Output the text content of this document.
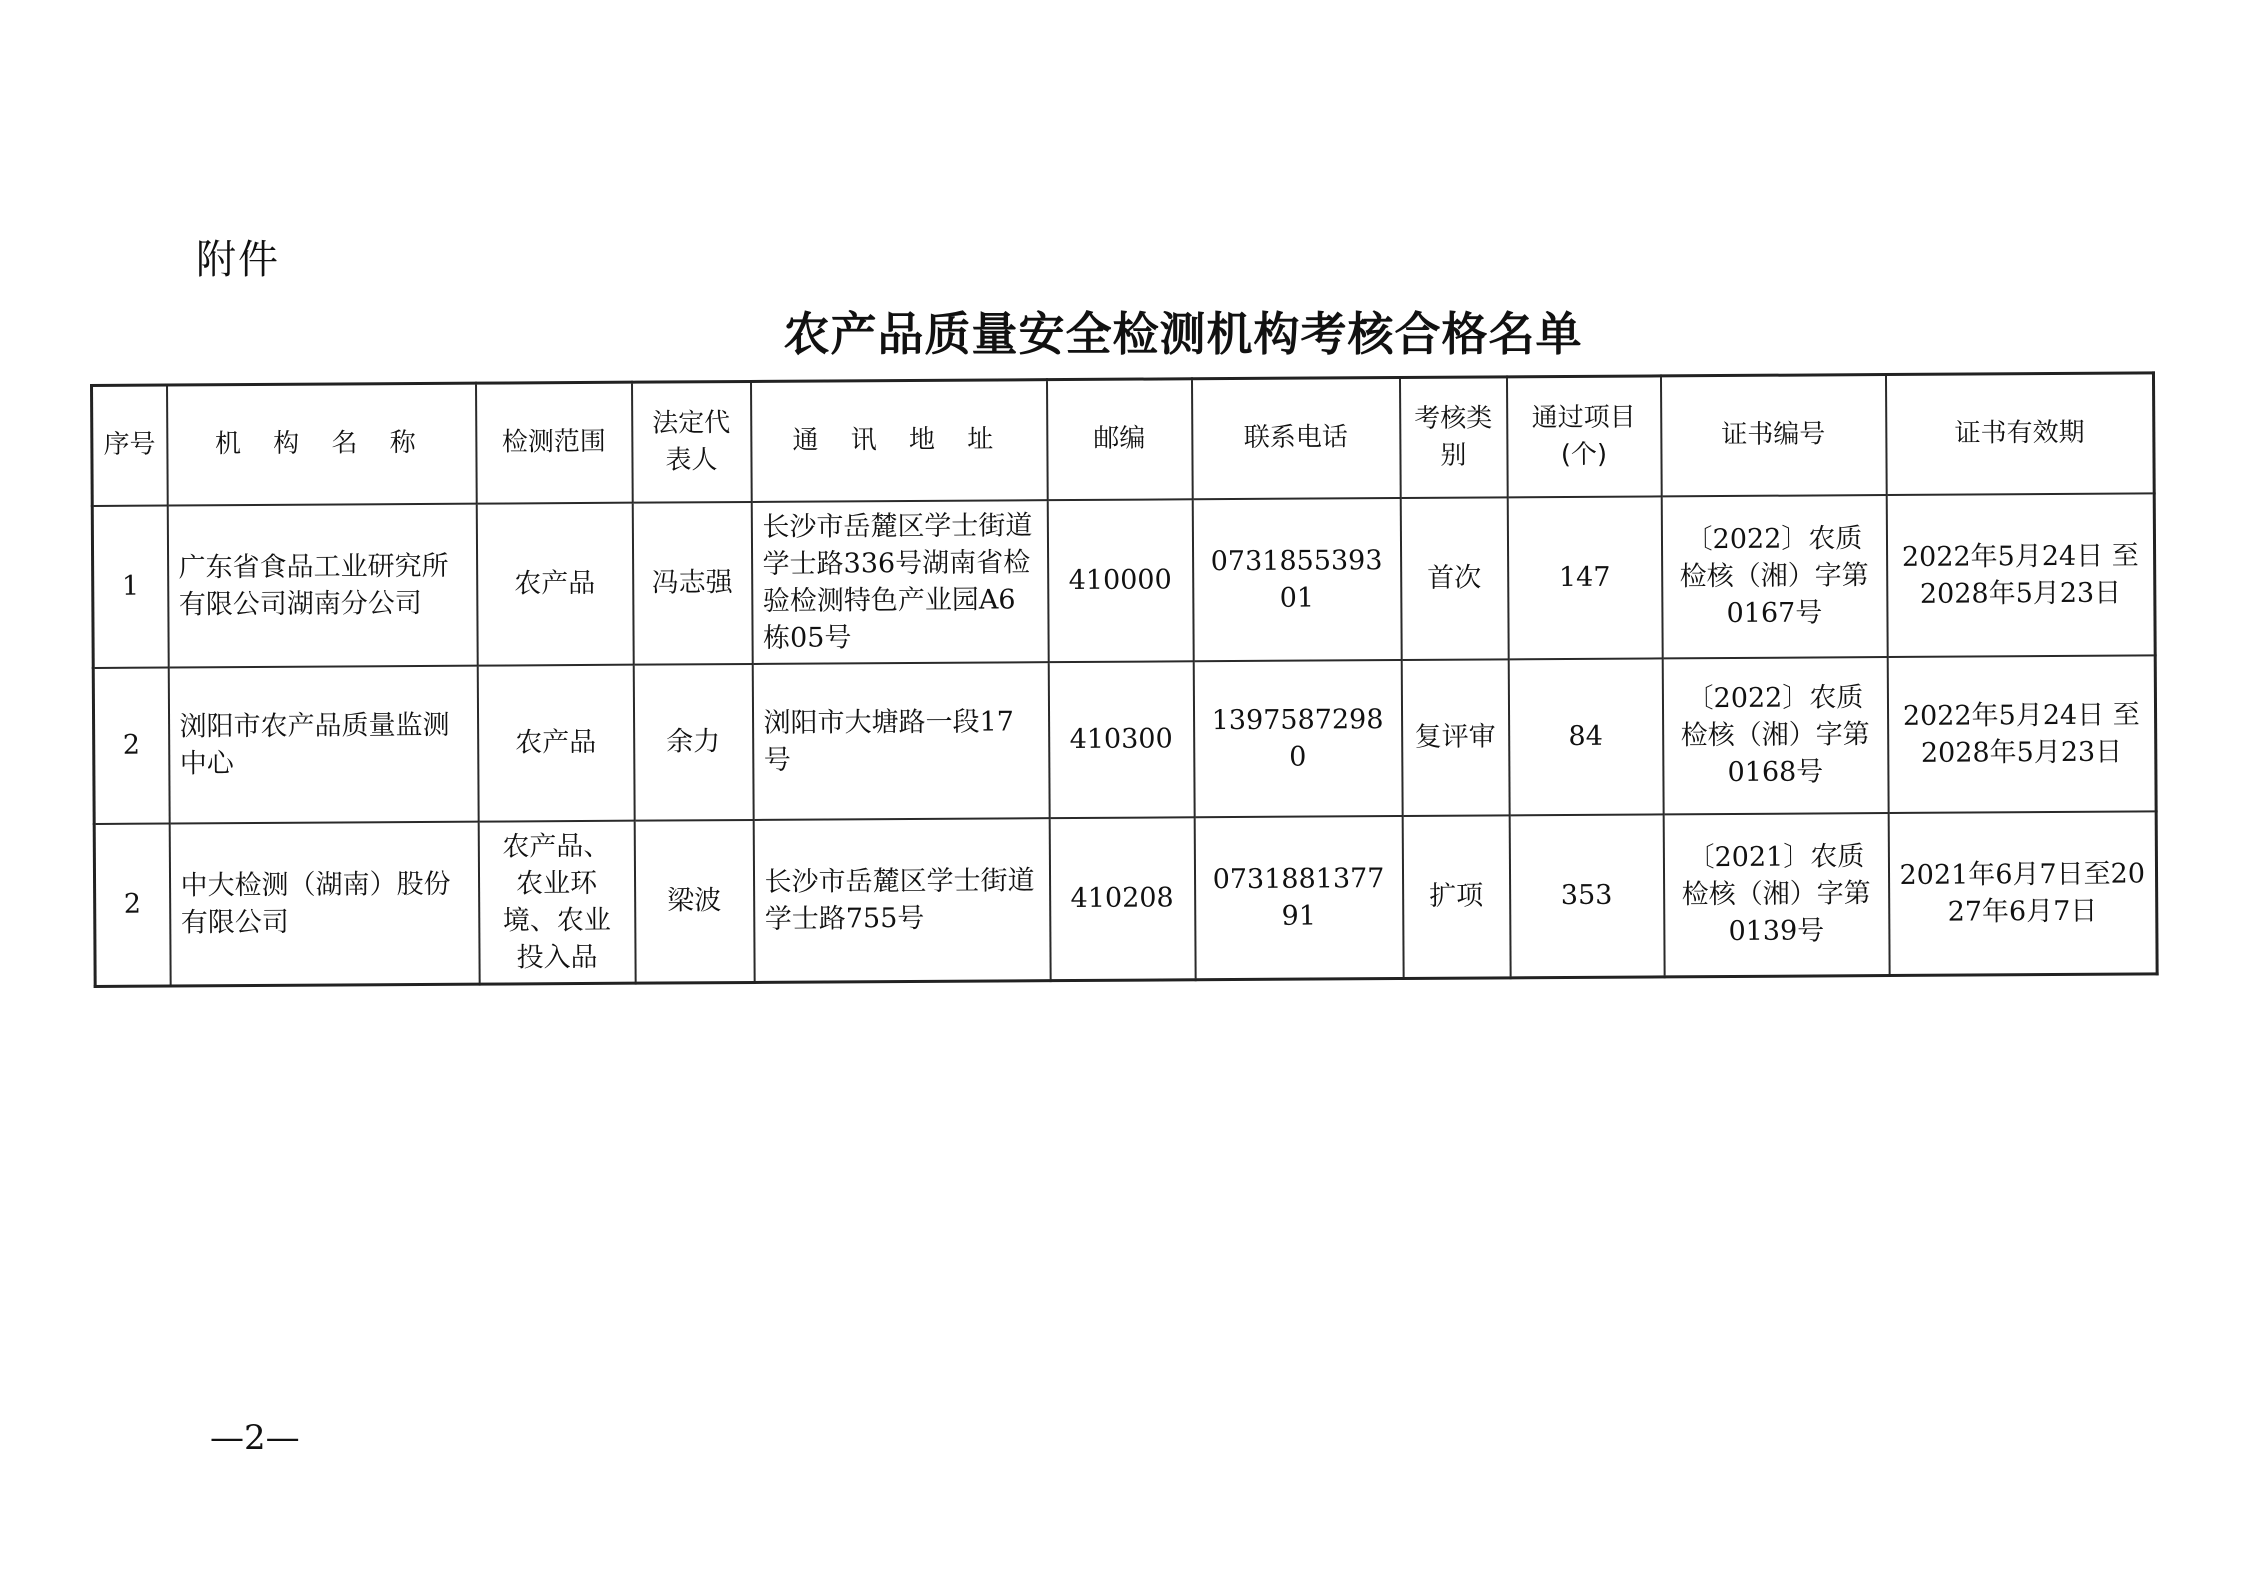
附件
农产品质量安全检测机构考核合格名单
序号	机 构 名 称	检测范围	法定代表人	通 讯 地 址	邮编	联系电话	考核类别	通过项目(个)	证书编号	证书有效期
1	广东省食品工业研究所有限公司湖南分公司	农产品	冯志强	长沙市岳麓区学士街道学士路336号湖南省检验检测特色产业园A6栋05号	410000	073185539301	首次	147	〔2022〕农质检核（湘）字第0167号	2022年5月24日 至 2028年5月23日
2	浏阳市农产品质量监测中心	农产品	余力	浏阳市大塘路一段17号	410300	13975872980	复评审	84	〔2022〕农质检核（湘）字第0168号	2022年5月24日 至 2028年5月23日
2	中大检测（湖南）股份有限公司	农产品、农业环境、农业投入品	梁波	长沙市岳麓区学士街道学士路755号	410208	073188137791	扩项	353	〔2021〕农质检核（湘）字第0139号	2021年6月7日至2027年6月7日
—2—
